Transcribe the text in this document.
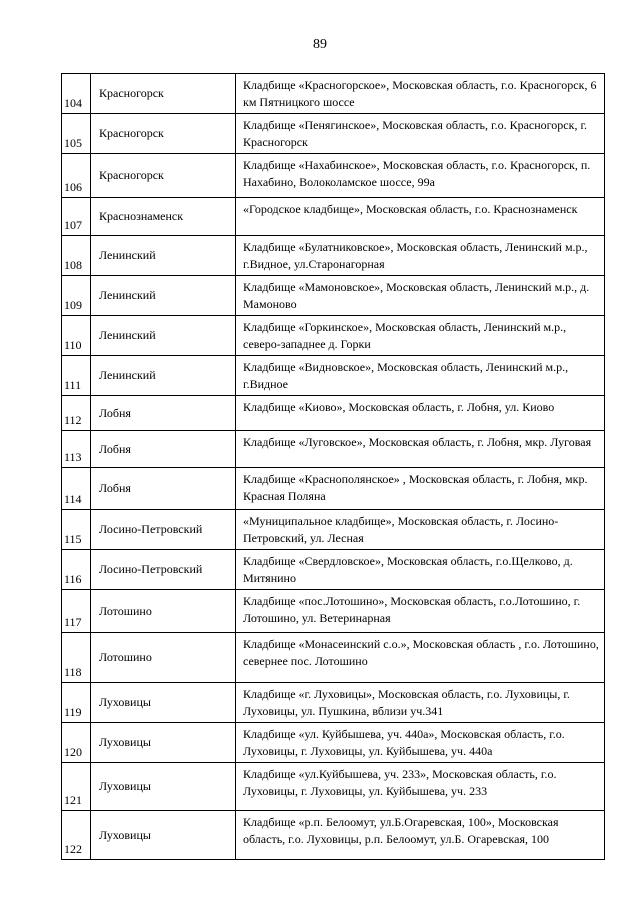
89
104	Красногорск	Кладбище «Красногорское», Московская область, г.о. Красногорск, 6 км Пятницкого шоссе

105	Красногорск	Кладбище «Пенягинское», Московская область, г.о. Красногорск, г. Красногорск

106	Красногорск	Кладбище «Нахабинское», Московская область, г.о. Красногорск, п. Нахабино, Волоколамское шоссе, 99а

107	Краснознаменск	«Городское кладбище», Московская область, г.о. Краснознаменск

108	Ленинский	Кладбище «Булатниковское», Московская область, Ленинский м.р., г.Видное, ул.Старонагорная

109	Ленинский	Кладбище «Мамоновское», Московская область, Ленинский м.р., д. Мамоново

110	Ленинский	Кладбище «Горкинское», Московская область, Ленинский м.р., северо-западнее д. Горки

111	Ленинский	Кладбище «Видновское», Московская область, Ленинский м.р., г.Видное

112	Лобня	Кладбище «Киово», Московская область, г. Лобня, ул. Киово

113	Лобня	Кладбище «Луговское», Московская область, г. Лобня, мкр. Луговая

114	Лобня	Кладбище «Краснополянское» , Московская область, г. Лобня, мкр. Красная Поляна

115	Лосино-Петровский	«Муниципальное кладбище», Московская область, г. Лосино-Петровский, ул. Лесная

116	Лосино-Петровский	Кладбище «Свердловское», Московская область, г.о.Щелково, д. Митянино

117	Лотошино	Кладбище «пос.Лотошино», Московская область, г.о.Лотошино, г. Лотошино, ул. Ветеринарная

118	Лотошино	Кладбище «Монасеинский с.о.», Московская область , г.о. Лотошино, севернее пос. Лотошино

119	Луховицы	Кладбище «г. Луховицы», Московская область, г.о. Луховицы, г. Луховицы, ул. Пушкина, вблизи уч.341

120	Луховицы	Кладбище «ул. Куйбышева, уч. 440а», Московская область, г.о. Луховицы, г. Луховицы, ул. Куйбышева, уч. 440а

121	Луховицы	Кладбище «ул.Куйбышева, уч. 233», Московская область, г.о. Луховицы, г. Луховицы, ул. Куйбышева, уч. 233

122	Луховицы	Кладбище «р.п. Белоомут, ул.Б.Огаревская, 100», Московская область, г.о. Луховицы, р.п. Белоомут, ул.Б. Огаревская, 100
